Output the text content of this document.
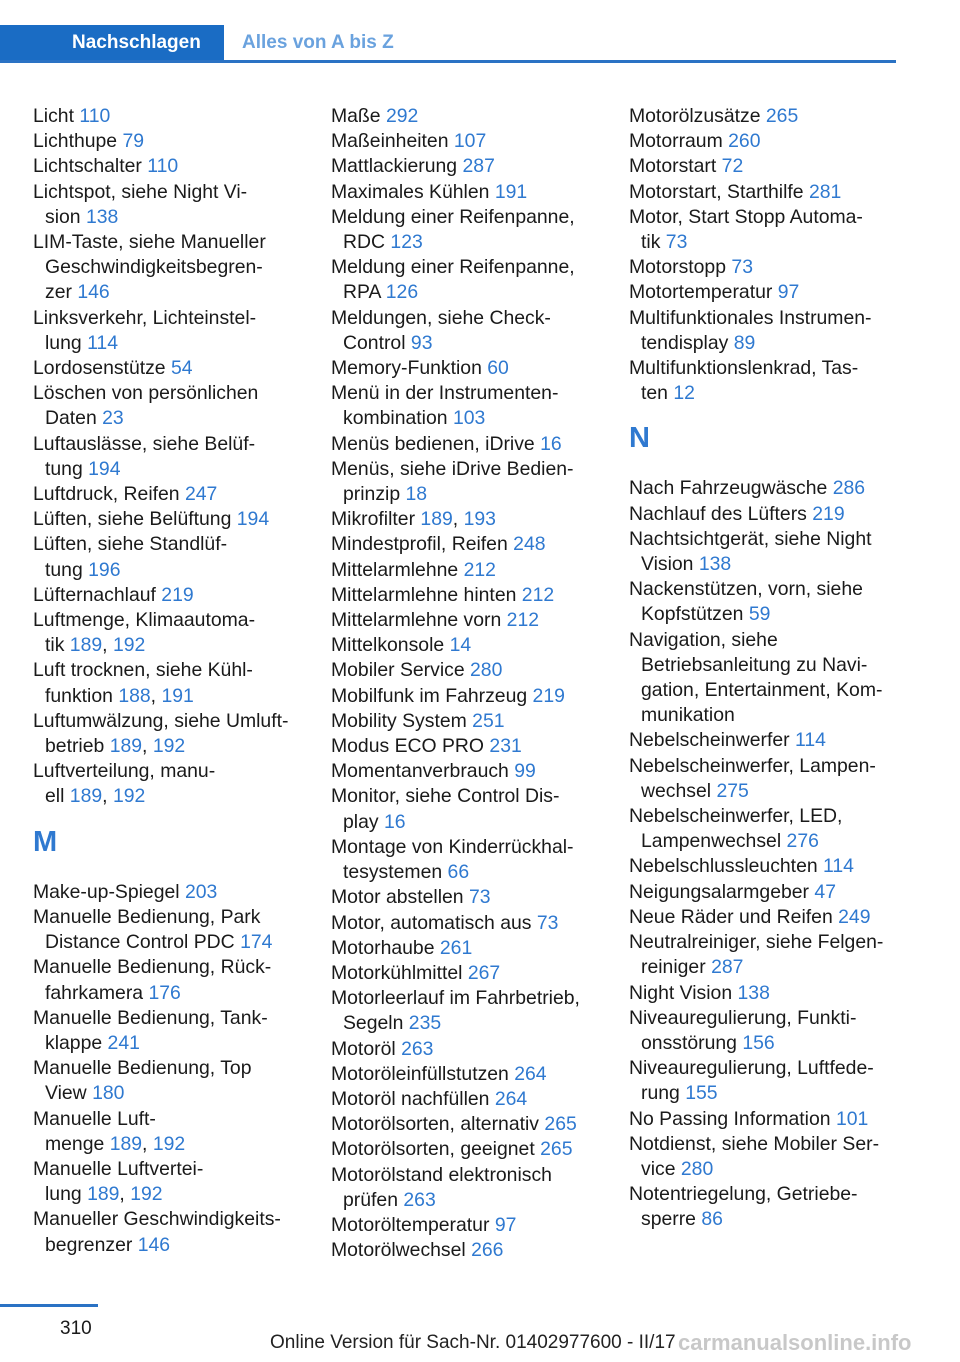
Nachschlagen	Alles von A bis Z
Licht 110
Lichthupe 79
Lichtschalter 110
Lichtspot, siehe Night Vi-
sion 138
LIM-Taste, siehe Manueller
Geschwindigkeitsbegren-
zer 146
Linksverkehr, Lichteinstel-
lung 114
Lordosenstütze 54
Löschen von persönlichen
Daten 23
Luftauslässe, siehe Belüf-
tung 194
Luftdruck, Reifen 247
Lüften, siehe Belüftung 194
Lüften, siehe Standlüf-
tung 196
Lüfternachlauf 219
Luftmenge, Klimaautoma-
tik 189, 192
Luft trocknen, siehe Kühl-
funktion 188, 191
Luftumwälzung, siehe Umluft-
betrieb 189, 192
Luftverteilung, manu-
ell 189, 192
M
Make-up-Spiegel 203
Manuelle Bedienung, Park
Distance Control PDC 174
Manuelle Bedienung, Rück-
fahrkamera 176
Manuelle Bedienung, Tank-
klappe 241
Manuelle Bedienung, Top
View 180
Manuelle Luft-
menge 189, 192
Manuelle Luftvertei-
lung 189, 192
Manueller Geschwindigkeits-
begrenzer 146
Maße 292
Maßeinheiten 107
Mattlackierung 287
Maximales Kühlen 191
Meldung einer Reifenpanne,
RDC 123
Meldung einer Reifenpanne,
RPA 126
Meldungen, siehe Check-
Control 93
Memory-Funktion 60
Menü in der Instrumenten-
kombination 103
Menüs bedienen, iDrive 16
Menüs, siehe iDrive Bedien-
prinzip 18
Mikrofilter 189, 193
Mindestprofil, Reifen 248
Mittelarmlehne 212
Mittelarmlehne hinten 212
Mittelarmlehne vorn 212
Mittelkonsole 14
Mobiler Service 280
Mobilfunk im Fahrzeug 219
Mobility System 251
Modus ECO PRO 231
Momentanverbrauch 99
Monitor, siehe Control Dis-
play 16
Montage von Kinderrückhal-
tesystemen 66
Motor abstellen 73
Motor, automatisch aus 73
Motorhaube 261
Motorkühlmittel 267
Motorleerlauf im Fahrbetrieb,
Segeln 235
Motoröl 263
Motoröleinfüllstutzen 264
Motoröl nachfüllen 264
Motorölsorten, alternativ 265
Motorölsorten, geeignet 265
Motorölstand elektronisch
prüfen 263
Motoröltemperatur 97
Motorölwechsel 266
Motorölzusätze 265
Motorraum 260
Motorstart 72
Motorstart, Starthilfe 281
Motor, Start Stopp Automa-
tik 73
Motorstopp 73
Motortemperatur 97
Multifunktionales Instrumen-
tendisplay 89
Multifunktionslenkrad, Tas-
ten 12
N
Nach Fahrzeugwäsche 286
Nachlauf des Lüfters 219
Nachtsichtgerät, siehe Night
Vision 138
Nackenstützen, vorn, siehe
Kopfstützen 59
Navigation, siehe
Betriebsanleitung zu Navi-
gation, Entertainment, Kom-
munikation
Nebelscheinwerfer 114
Nebelscheinwerfer, Lampen-
wechsel 275
Nebelscheinwerfer, LED,
Lampenwechsel 276
Nebelschlussleuchten 114
Neigungsalarmgeber 47
Neue Räder und Reifen 249
Neutralreiniger, siehe Felgen-
reiniger 287
Night Vision 138
Niveauregulierung, Funkti-
onsstörung 156
Niveauregulierung, Luftfede-
rung 155
No Passing Information 101
Notdienst, siehe Mobiler Ser-
vice 280
Notentriegelung, Getriebe-
sperre 86
310
Online Version für Sach-Nr. 01402977600 - II/17 carmanualsonline.info
